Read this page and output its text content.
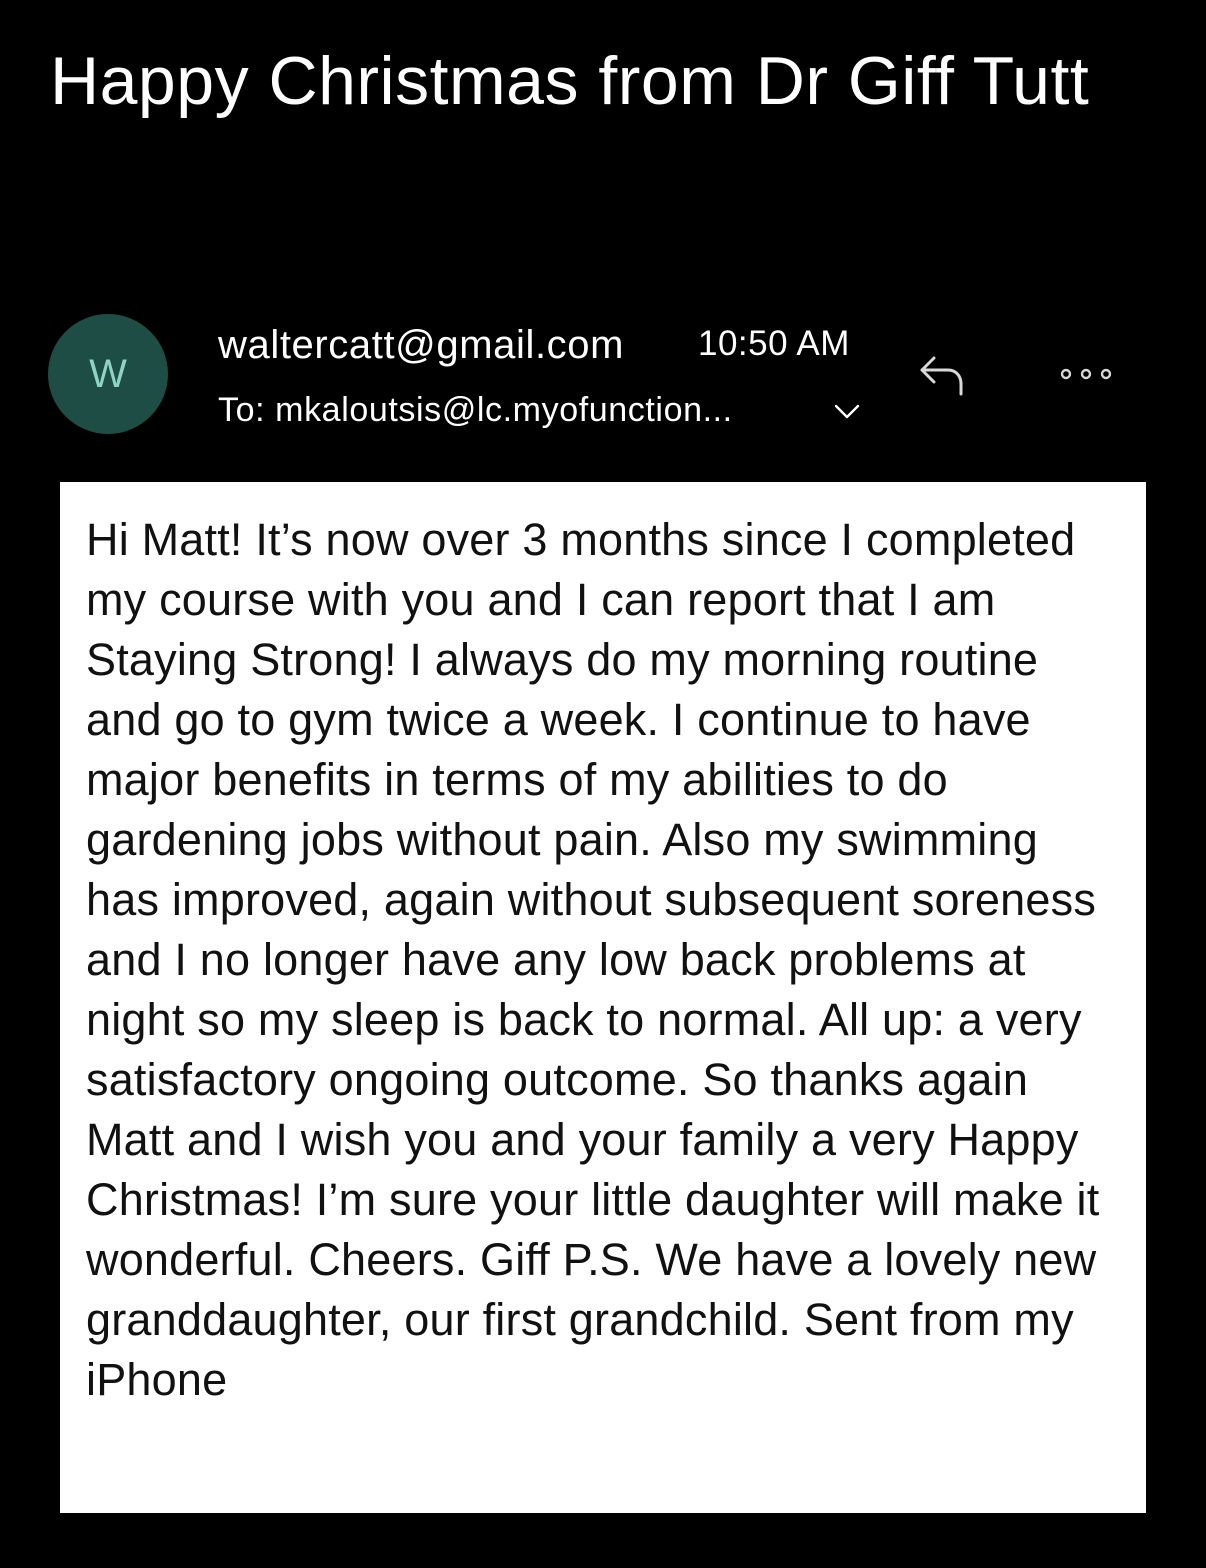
Happy Christmas from Dr Giff Tutt
W
waltercatt@gmail.com 10:50 AM
To: mkaloutsis@lc.myofunction...

Hi Matt! It’s now over 3 months since I completed my course with you and I can report that I am Staying Strong! I always do my morning routine and go to gym twice a week. I continue to have major benefits in terms of my abilities to do gardening jobs without pain. Also my swimming has improved, again without subsequent soreness and I no longer have any low back problems at night so my sleep is back to normal. All up: a very satisfactory ongoing outcome. So thanks again Matt and I wish you and your family a very Happy Christmas! I’m sure your little daughter will make it wonderful. Cheers. Giff P.S. We have a lovely new granddaughter, our first grandchild. Sent from my iPhone
